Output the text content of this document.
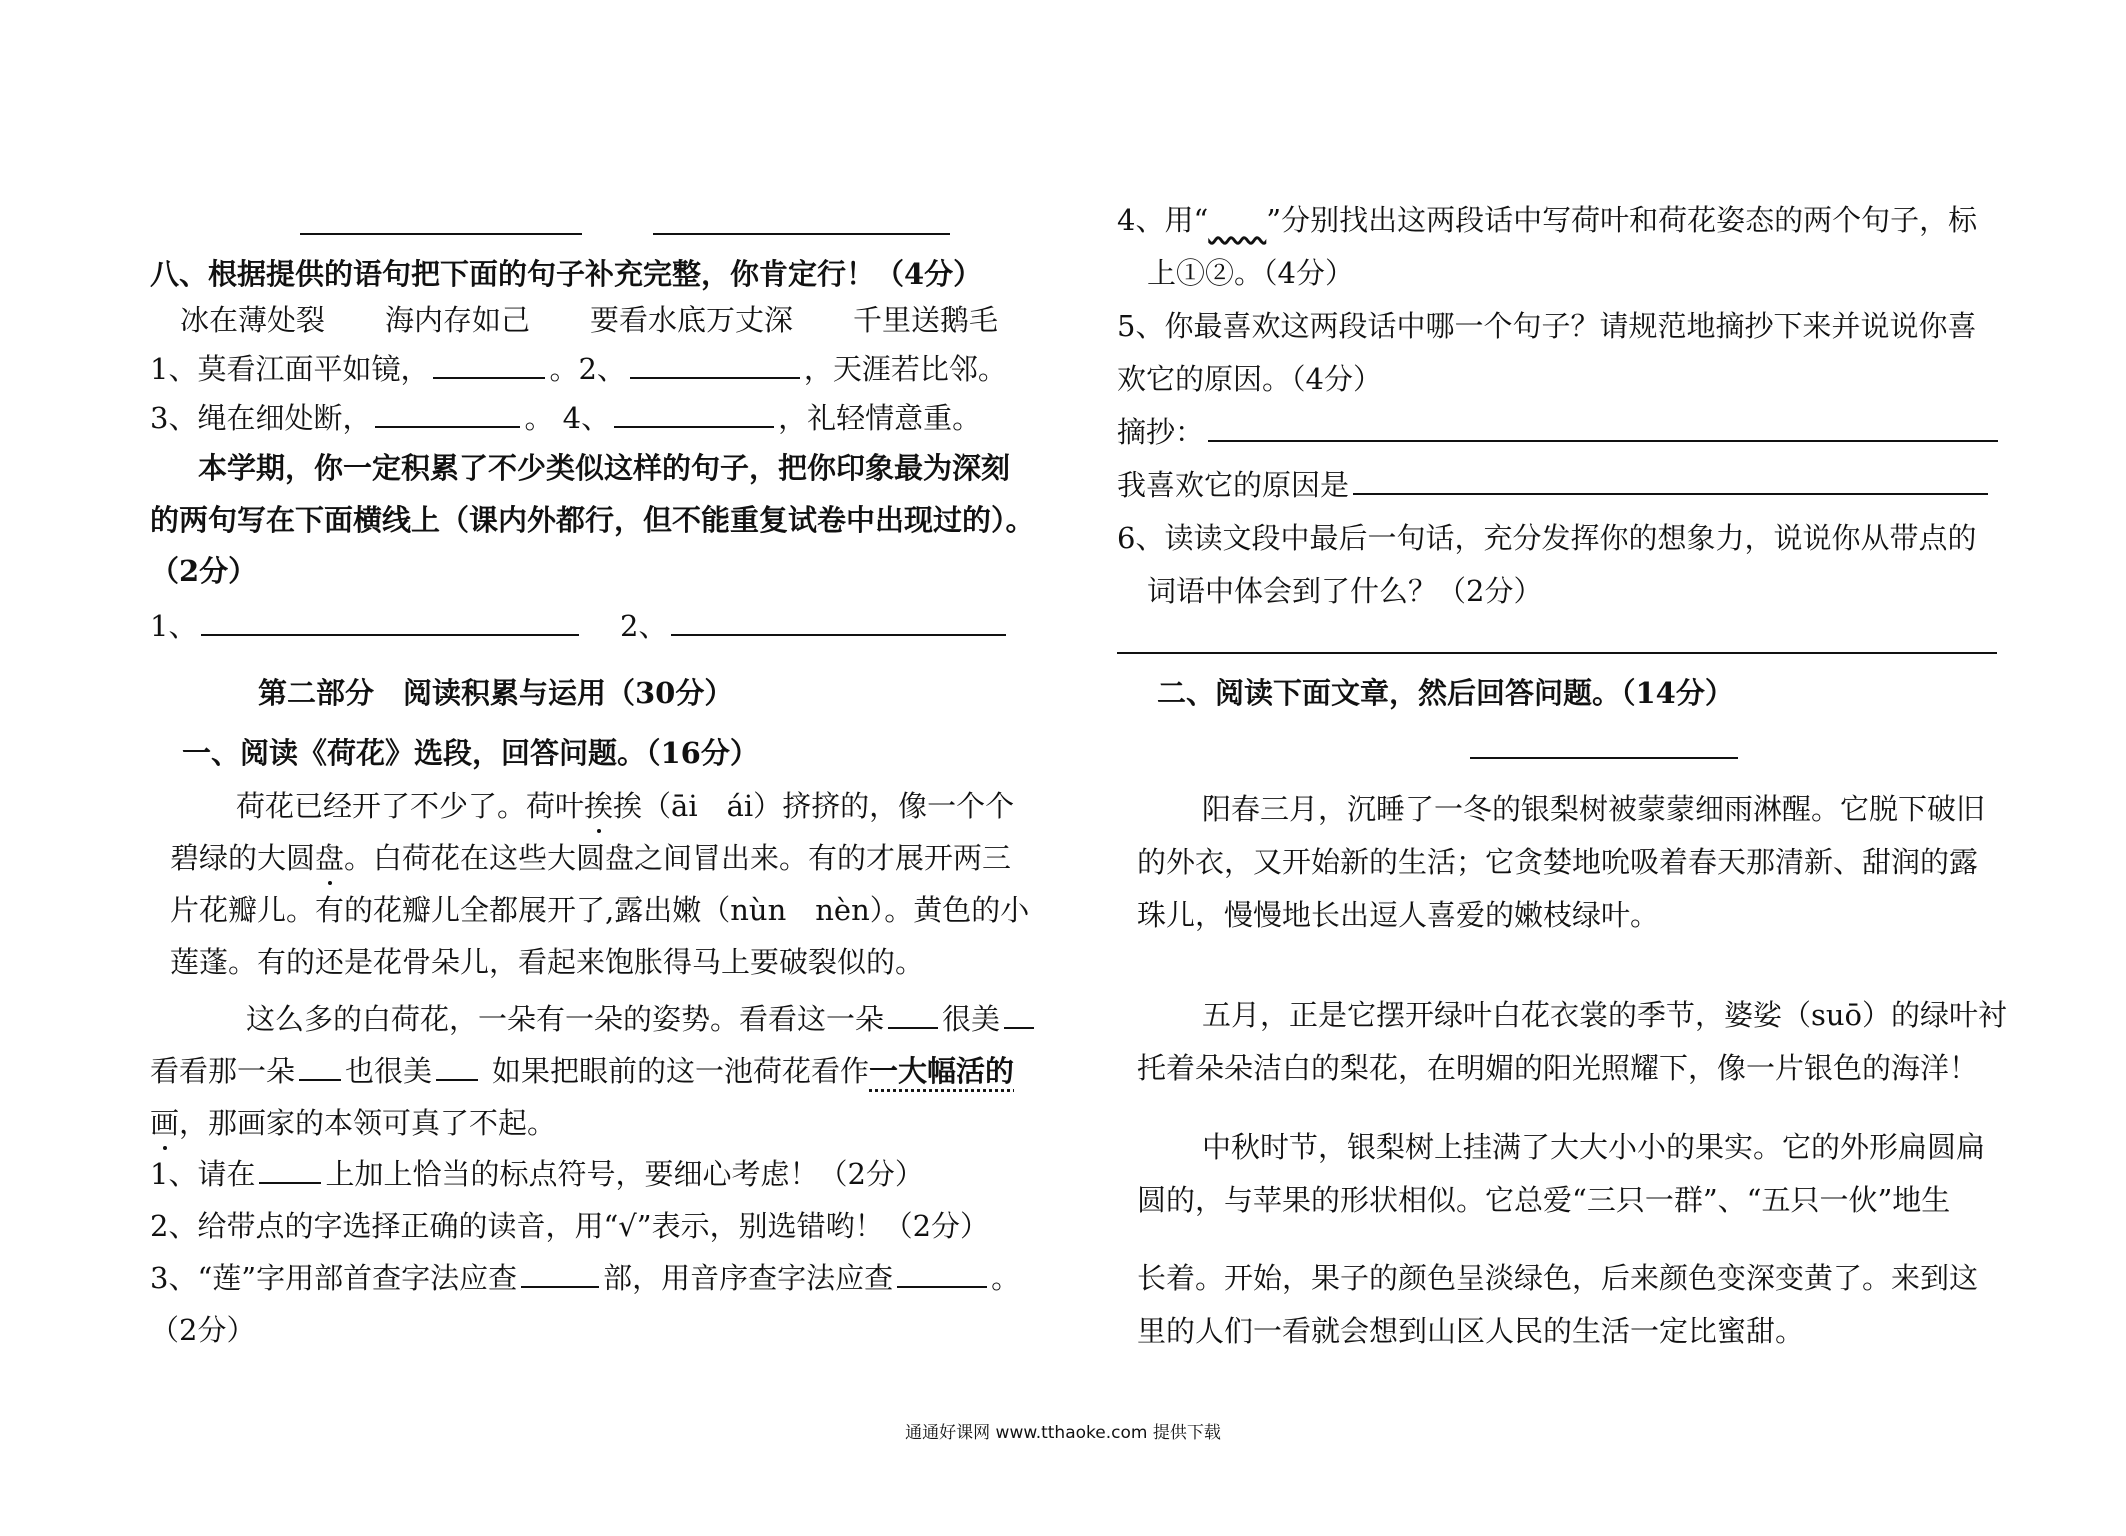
八、根据提供的语句把下面的句子补充完整，你肯定行！（4分）
冰在薄处裂 海内存如己 要看水底万丈深 千里送鹅毛
1、莫看江面平如镜，	。2、	，天涯若比邻。
3、绳在细处断，	。 4、	，礼轻情意重。
本学期，你一定积累了不少类似这样的句子，把你印象最为深刻
的两句写在下面横线上（课内外都行，但不能重复试卷中出现过的）。
（2分）
1、	2、
第二部分　阅读积累与运用（30分）
一、阅读《荷花》选段，回答问题。（16分）
荷花已经开了不少了。荷叶挨挨（āi　ái）挤挤的，像一个个
碧绿的大圆盘。白荷花在这些大圆盘之间冒出来。有的才展开两三
片花瓣儿。有的花瓣儿全都展开了,露出嫩（nùn　nèn）。黄色的小
莲蓬。有的还是花骨朵儿，看起来饱胀得马上要破裂似的。
这么多的白荷花，一朵有一朵的姿势。看看这一朵 很美
看看那一朵 也很美 如果把眼前的这一池荷花看作一大幅活的
画，那画家的本领可真了不起。
1、请在 上加上恰当的标点符号，要细心考虑！（2分）
2、给带点的字选择正确的读音，用“√”表示，别选错哟！（2分）
3、“莲”字用部首查字法应查	部，用音序查字法应查	。
（2分）
4、用“　　 ”分别找出这两段话中写荷叶和荷花姿态的两个句子，标
上①②。（4分）
5、你最喜欢这两段话中哪一个句子？请规范地摘抄下来并说说你喜
欢它的原因。（4分）
摘抄：
我喜欢它的原因是
6、读读文段中最后一句话，充分发挥你的想象力，说说你从带点的
词语中体会到了什么？（2分）
二、阅读下面文章，然后回答问题。（14分）
阳春三月，沉睡了一冬的银梨树被蒙蒙细雨淋醒。它脱下破旧
的外衣，又开始新的生活；它贪婪地吮吸着春天那清新、甜润的露
珠儿，慢慢地长出逗人喜爱的嫩枝绿叶。
五月，正是它摆开绿叶白花衣裳的季节，婆娑（suō）的绿叶衬
托着朵朵洁白的梨花，在明媚的阳光照耀下，像一片银色的海洋！
中秋时节，银梨树上挂满了大大小小的果实。它的外形扁圆扁
圆的，与苹果的形状相似。它总爱“三只一群”、“五只一伙”地生
长着。开始，果子的颜色呈淡绿色，后来颜色变深变黄了。来到这
里的人们一看就会想到山区人民的生活一定比蜜甜。
通通好课网 www.tthaoke.com 提供下载
